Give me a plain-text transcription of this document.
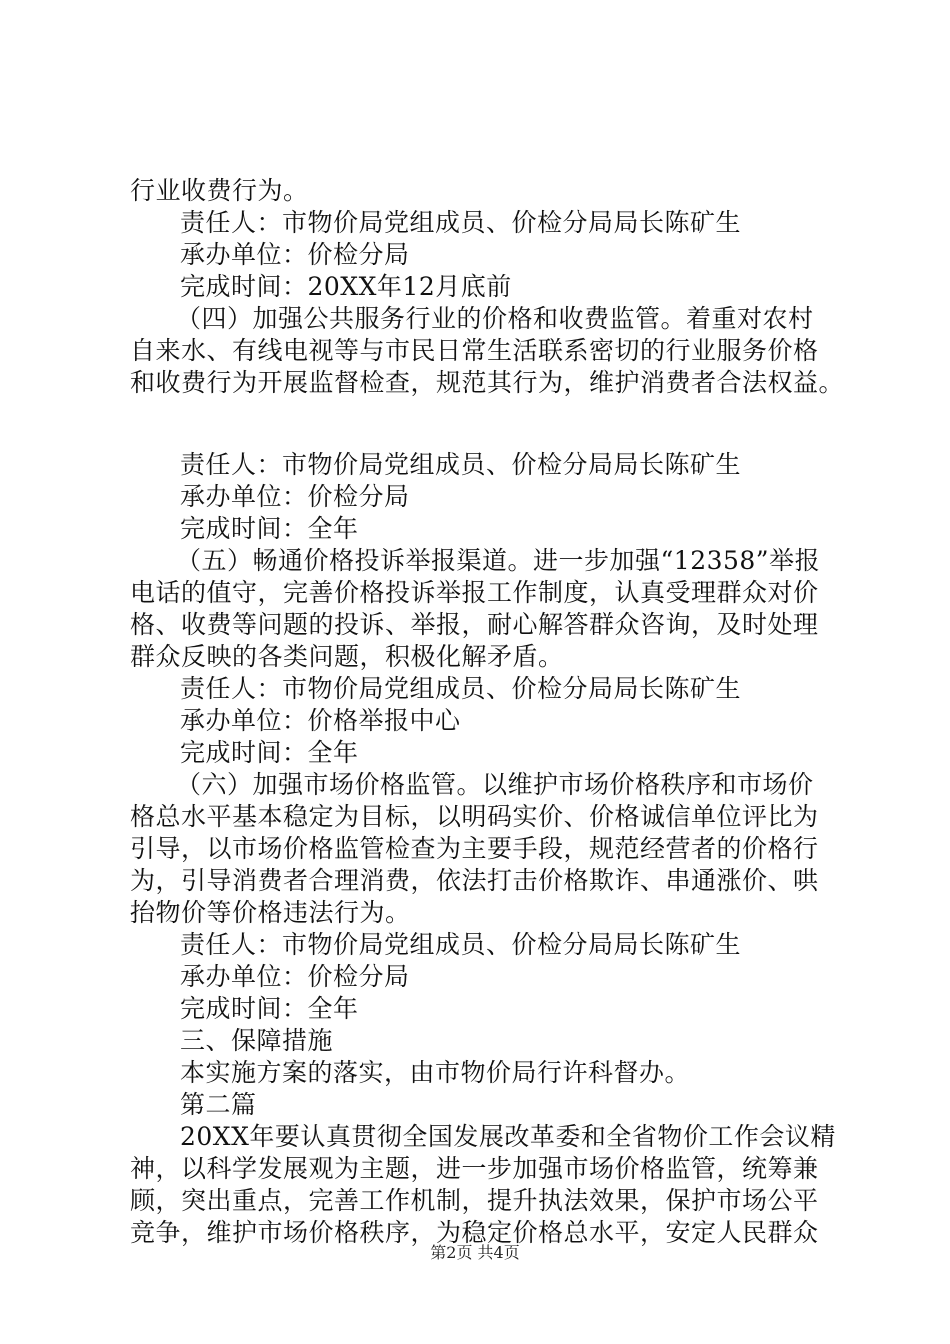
行业收费行为。
责任人：市物价局党组成员、价检分局局长陈矿生
承办单位：价检分局
完成时间：20XX年12月底前
（四）加强公共服务行业的价格和收费监管。着重对农村
自来水、有线电视等与市民日常生活联系密切的行业服务价格
和收费行为开展监督检查，规范其行为，维护消费者合法权益。
责任人：市物价局党组成员、价检分局局长陈矿生
承办单位：价检分局
完成时间：全年
（五）畅通价格投诉举报渠道。进一步加强“12358”举报
电话的值守，完善价格投诉举报工作制度，认真受理群众对价
格、收费等问题的投诉、举报，耐心解答群众咨询，及时处理
群众反映的各类问题，积极化解矛盾。
责任人：市物价局党组成员、价检分局局长陈矿生
承办单位：价格举报中心
完成时间：全年
（六）加强市场价格监管。以维护市场价格秩序和市场价
格总水平基本稳定为目标，以明码实价、价格诚信单位评比为
引导，以市场价格监管检查为主要手段，规范经营者的价格行
为，引导消费者合理消费，依法打击价格欺诈、串通涨价、哄
抬物价等价格违法行为。
责任人：市物价局党组成员、价检分局局长陈矿生
承办单位：价检分局
完成时间：全年
三、保障措施
本实施方案的落实，由市物价局行许科督办。
第二篇
20XX年要认真贯彻全国发展改革委和全省物价工作会议精
神，以科学发展观为主题，进一步加强市场价格监管，统筹兼
顾，突出重点，完善工作机制，提升执法效果，保护市场公平
竞争，维护市场价格秩序，为稳定价格总水平，安定人民群众
第2页 共4页
